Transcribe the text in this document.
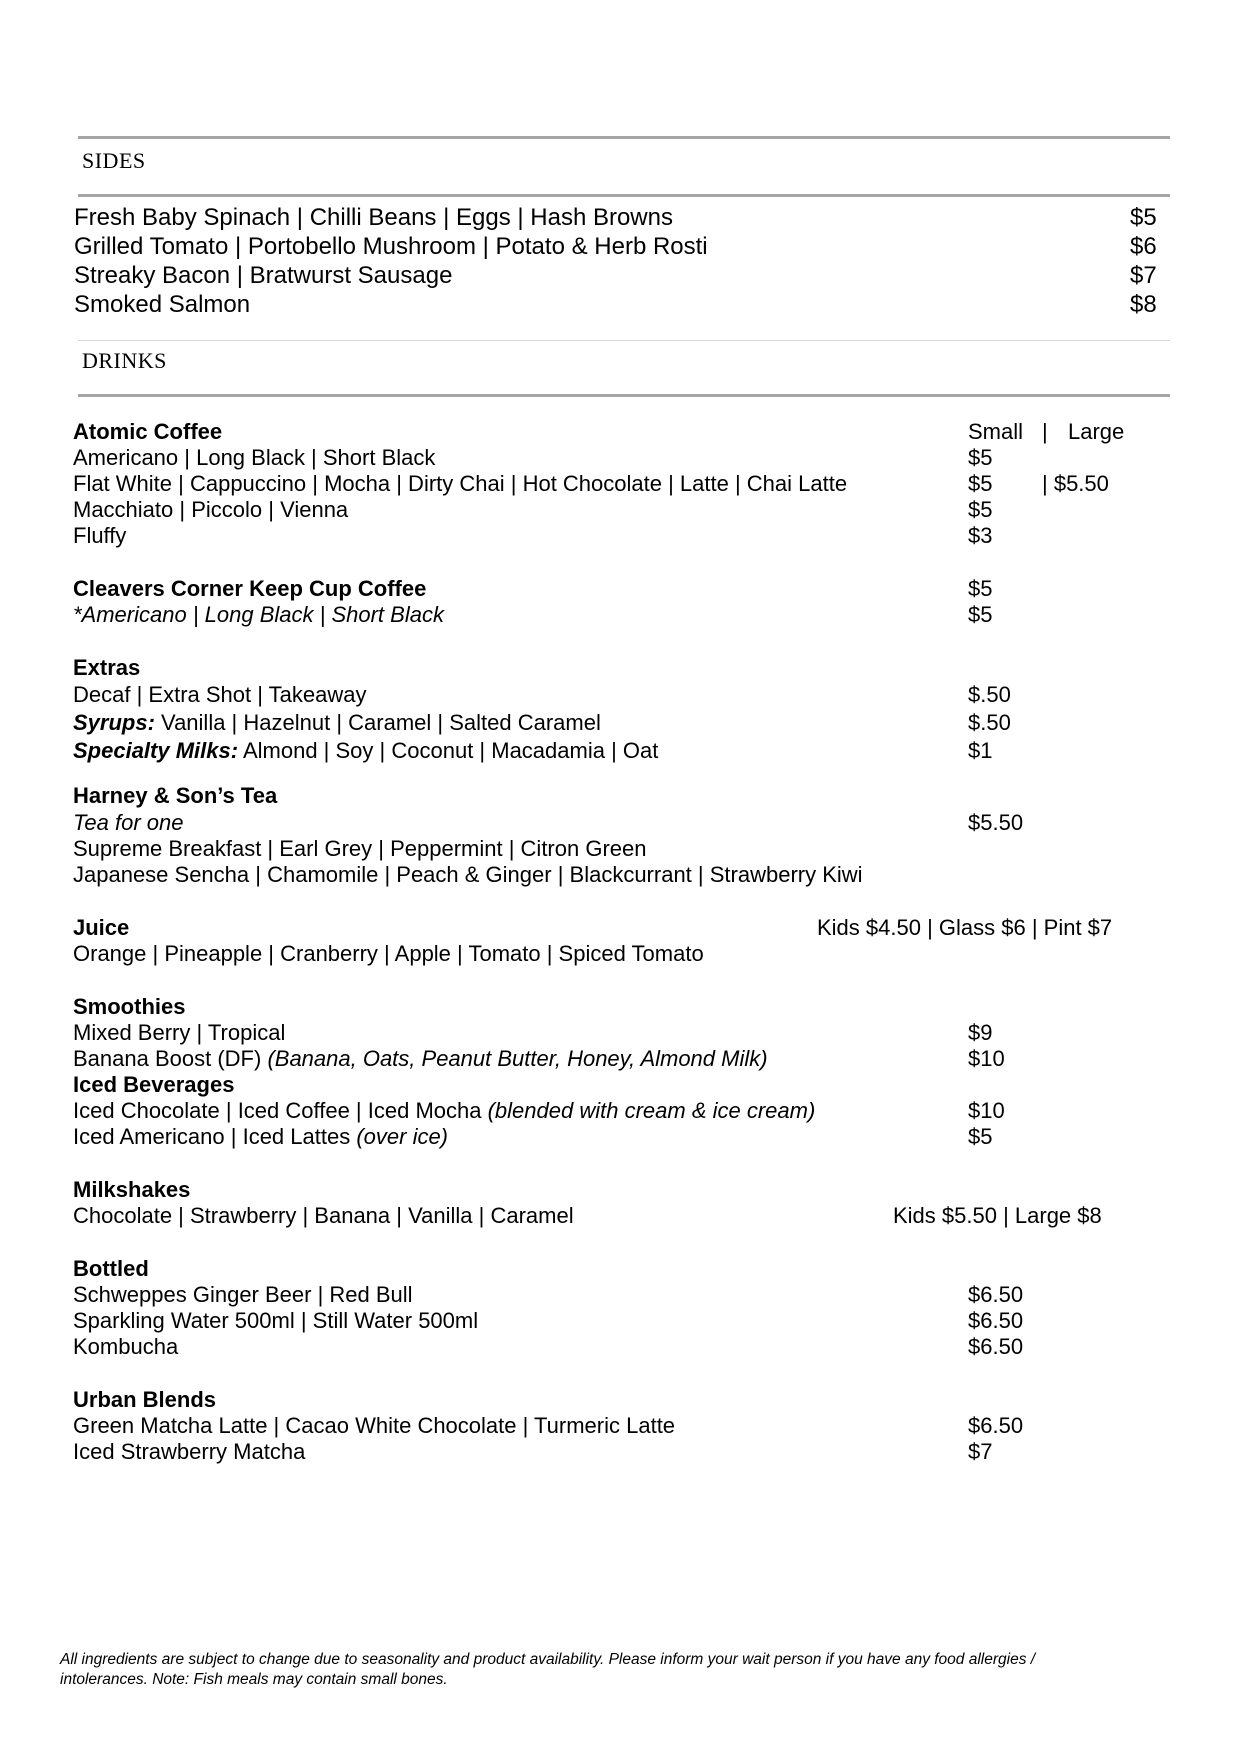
SIDES
Fresh Baby Spinach | Chilli Beans | Eggs | Hash Browns	$5
Grilled Tomato | Portobello Mushroom | Potato & Herb Rosti	$6
Streaky Bacon | Bratwurst Sausage	$7
Smoked Salmon	$8
DRINKS
Atomic Coffee	Small | Large
Americano | Long Black | Short Black	$5
Flat White | Cappuccino | Mocha | Dirty Chai | Hot Chocolate | Latte | Chai Latte	$5 | $5.50
Macchiato | Piccolo | Vienna	$5
Fluffy	$3
Cleavers Corner Keep Cup Coffee	$5
*Americano | Long Black | Short Black	$5
Extras
Decaf | Extra Shot | Takeaway	$.50
Syrups: Vanilla | Hazelnut | Caramel | Salted Caramel	$.50
Specialty Milks: Almond | Soy | Coconut | Macadamia | Oat	$1
Harney & Son’s Tea
Tea for one	$5.50
Supreme Breakfast | Earl Grey | Peppermint | Citron Green
Japanese Sencha | Chamomile | Peach & Ginger | Blackcurrant | Strawberry Kiwi
Juice	Kids $4.50 | Glass $6 | Pint $7
Orange | Pineapple | Cranberry | Apple | Tomato | Spiced Tomato
Smoothies
Mixed Berry | Tropical	$9
Banana Boost (DF) (Banana, Oats, Peanut Butter, Honey, Almond Milk)	$10
Iced Beverages
Iced Chocolate | Iced Coffee | Iced Mocha (blended with cream & ice cream)	$10
Iced Americano | Iced Lattes (over ice)	$5
Milkshakes
Chocolate | Strawberry | Banana | Vanilla | Caramel	Kids $5.50 | Large $8
Bottled
Schweppes Ginger Beer | Red Bull	$6.50
Sparkling Water 500ml | Still Water 500ml	$6.50
Kombucha	$6.50
Urban Blends
Green Matcha Latte | Cacao White Chocolate | Turmeric Latte	$6.50
Iced Strawberry Matcha	$7
All ingredients are subject to change due to seasonality and product availability. Please inform your wait person if you have any food allergies /
intolerances. Note: Fish meals may contain small bones.
